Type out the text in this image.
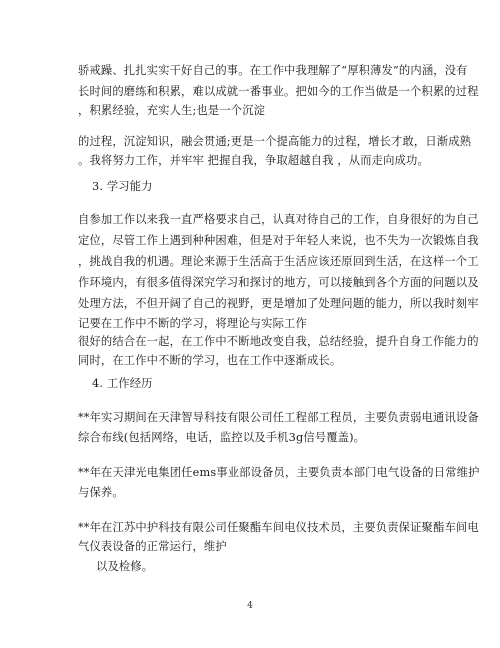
骄戒躁、扎扎实实干好自己的事。在工作中我理解了“厚积薄发”的内涵，没有
长时间的磨练和积累，难以成就一番事业。把如今的工作当做是一个积累的过程
，积累经验，充实人生;也是一个沉淀
的过程，沉淀知识，融会贯通;更是一个提高能力的过程，增长才敢，日渐成熟
。我将努力工作，并牢牢 把握自我，争取超越自我 ，从而走向成功。
3. 学习能力
自参加工作以来我一直严格要求自己，认真对待自己的工作，自身很好的为自己
定位，尽管工作上遇到种种困难，但是对于年轻人来说，也不失为一次锻炼自我
，挑战自我的机遇。理论来源于生活高于生活应该还原回到生活，在这样一个工
作环境内，有很多值得深究学习和探讨的地方，可以接触到各个方面的问题以及
处理方法，不但开阔了自己的视野，更是增加了处理问题的能力，所以我时刻牢
记要在工作中不断的学习，将理论与实际工作
很好的结合在一起，在工作中不断地改变自我，总结经验，提升自身工作能力的
同时，在工作中不断的学习，也在工作中逐渐成长。
4. 工作经历
**年实习期间在天津智导科技有限公司任工程部工程员，主要负责弱电通讯设备
综合布线(包括网络，电话，监控以及手机3g信号覆盖)。
**年在天津光电集团任ems事业部设备员，主要负责本部门电气设备的日常维护
与保养。
**年在江苏中护科技有限公司任聚酯车间电仪技术员，主要负责保证聚酯车间电
气仪表设备的正常运行，维护
以及检修。
4
